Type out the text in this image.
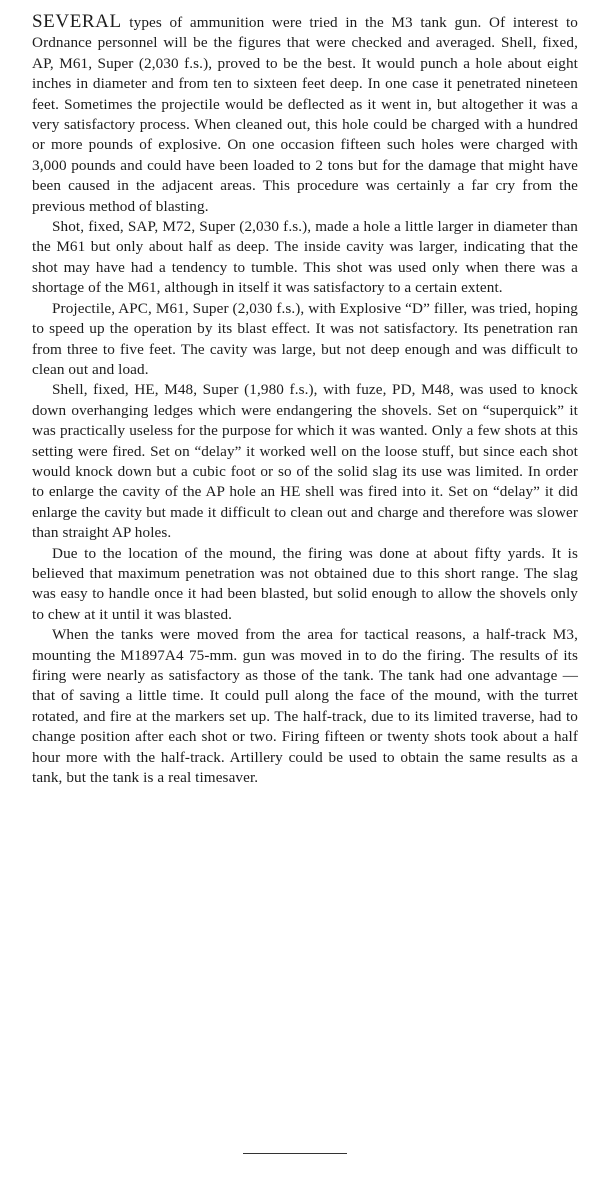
SEVERAL types of ammunition were tried in the M3 tank gun. Of interest to Ordnance personnel will be the figures that were checked and averaged. Shell, fixed, AP, M61, Super (2,030 f.s.), proved to be the best. It would punch a hole about eight inches in diameter and from ten to sixteen feet deep. In one case it penetrated nineteen feet. Sometimes the projectile would be deflected as it went in, but altogether it was a very satisfactory process. When cleaned out, this hole could be charged with a hundred or more pounds of explosive. On one occasion fifteen such holes were charged with 3,000 pounds and could have been loaded to 2 tons but for the damage that might have been caused in the adjacent areas. This procedure was certainly a far cry from the previous method of blasting.

Shot, fixed, SAP, M72, Super (2,030 f.s.), made a hole a little larger in diameter than the M61 but only about half as deep. The inside cavity was larger, indicating that the shot may have had a tendency to tumble. This shot was used only when there was a shortage of the M61, although in itself it was satisfactory to a certain extent.

Projectile, APC, M61, Super (2,030 f.s.), with Explosive “D” filler, was tried, hoping to speed up the operation by its blast effect. It was not satisfactory. Its penetration ran from three to five feet. The cavity was large, but not deep enough and was difficult to clean out and load.

Shell, fixed, HE, M48, Super (1,980 f.s.), with fuze, PD, M48, was used to knock down overhanging ledges which were endangering the shovels. Set on “superquick” it was practically useless for the purpose for which it was wanted. Only a few shots at this setting were fired. Set on “delay” it worked well on the loose stuff, but since each shot would knock down but a cubic foot or so of the solid slag its use was limited. In order to enlarge the cavity of the AP hole an HE shell was fired into it. Set on “delay” it did enlarge the cavity but made it difficult to clean out and charge and therefore was slower than straight AP holes.

Due to the location of the mound, the firing was done at about fifty yards. It is believed that maximum penetration was not obtained due to this short range. The slag was easy to handle once it had been blasted, but solid enough to allow the shovels only to chew at it until it was blasted.

When the tanks were moved from the area for tactical reasons, a half-track M3, mounting the M1897A4 75-mm. gun was moved in to do the firing. The results of its firing were nearly as satisfactory as those of the tank. The tank had one advantage —that of saving a little time. It could pull along the face of the mound, with the turret rotated, and fire at the markers set up. The half-track, due to its limited traverse, had to change position after each shot or two. Firing fifteen or twenty shots took about a half hour more with the half-track. Artillery could be used to obtain the same results as a tank, but the tank is a real timesaver.
